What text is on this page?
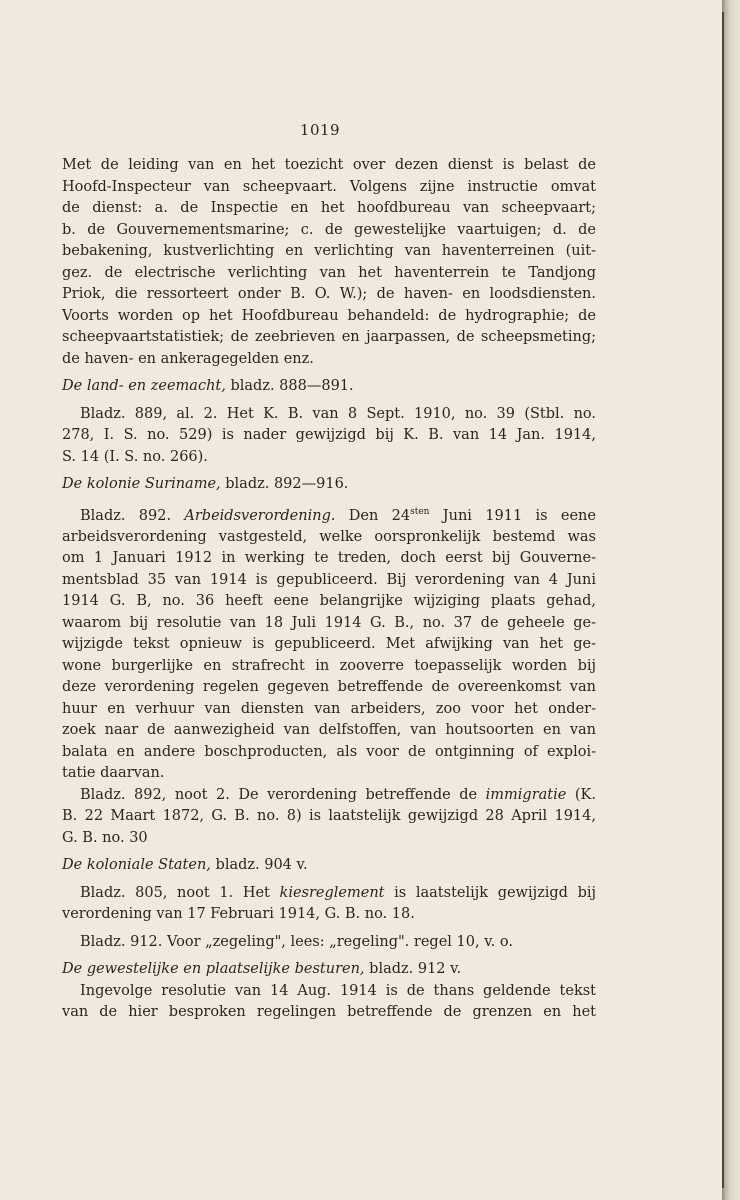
1019

Met de leiding van en het toezicht over dezen dienst is belast de
Hoofd-Inspecteur van scheepvaart. Volgens zijne instructie omvat
de dienst: a. de Inspectie en het hoofdbureau van scheepvaart;
b. de Gouvernementsmarine; c. de gewestelijke vaartuigen; d. de
bebakening, kustverlichting en verlichting van haventerreinen (uit-
gez. de electrische verlichting van het haventerrein te Tandjong
Priok, die ressorteert onder B. O. W.); de haven- en loodsdiensten.
Voorts worden op het Hoofdbureau behandeld: de hydrographie; de
scheepvaartstatistiek; de zeebrieven en jaarpassen, de scheepsmeting;
de haven- en ankeragegelden enz.

De land- en zeemacht, bladz. 888—891.

Bladz. 889, al. 2. Het K. B. van 8 Sept. 1910, no. 39 (Stbl. no.
278, I. S. no. 529) is nader gewijzigd bij K. B. van 14 Jan. 1914,
S. 14 (I. S. no. 266).

De kolonie Suriname, bladz. 892—916.

Bladz. 892. Arbeidsverordening. Den $24^{sten}$ Juni 1911 is eene
arbeidsverordening vastgesteld, welke oorspronkelijk bestemd was
om 1 Januari 1912 in werking te treden, doch eerst bij Gouverne-
mentsblad 35 van 1914 is gepubliceerd. Bij verordening van 4 Juni
1914 G. B, no. 36 heeft eene belangrijke wijziging plaats gehad,
waarom bij resolutie van 18 Juli 1914 G. B., no. 37 de geheele ge-
wijzigde tekst opnieuw is gepubliceerd. Met afwijking van het ge-
wone burgerlijke en strafrecht in zooverre toepasselijk worden bij
deze verordening regelen gegeven betreffende de overeenkomst van
huur en verhuur van diensten van arbeiders, zoo voor het onder-
zoek naar de aanwezigheid van delfstoffen, van houtsoorten en van
balata en andere boschproducten, als voor de ontginning of exploi-
tatie daarvan.

Bladz. 892, noot 2. De verordening betreffende de immigratie (K.
B. 22 Maart 1872, G. B. no. 8) is laatstelijk gewijzigd 28 April 1914,
G. B. no. 30

De koloniale Staten, bladz. 904 v.

Bladz. 805, noot 1. Het kiesreglement is laatstelijk gewijzigd bij
verordening van 17 Februari 1914, G. B. no. 18.

Bladz. 912. Voor „zegeling", lees: „regeling". regel 10, v. o.

De gewestelijke en plaatselijke besturen, bladz. 912 v.

Ingevolge resolutie van 14 Aug. 1914 is de thans geldende tekst
van de hier besproken regelingen betreffende de grenzen en het
